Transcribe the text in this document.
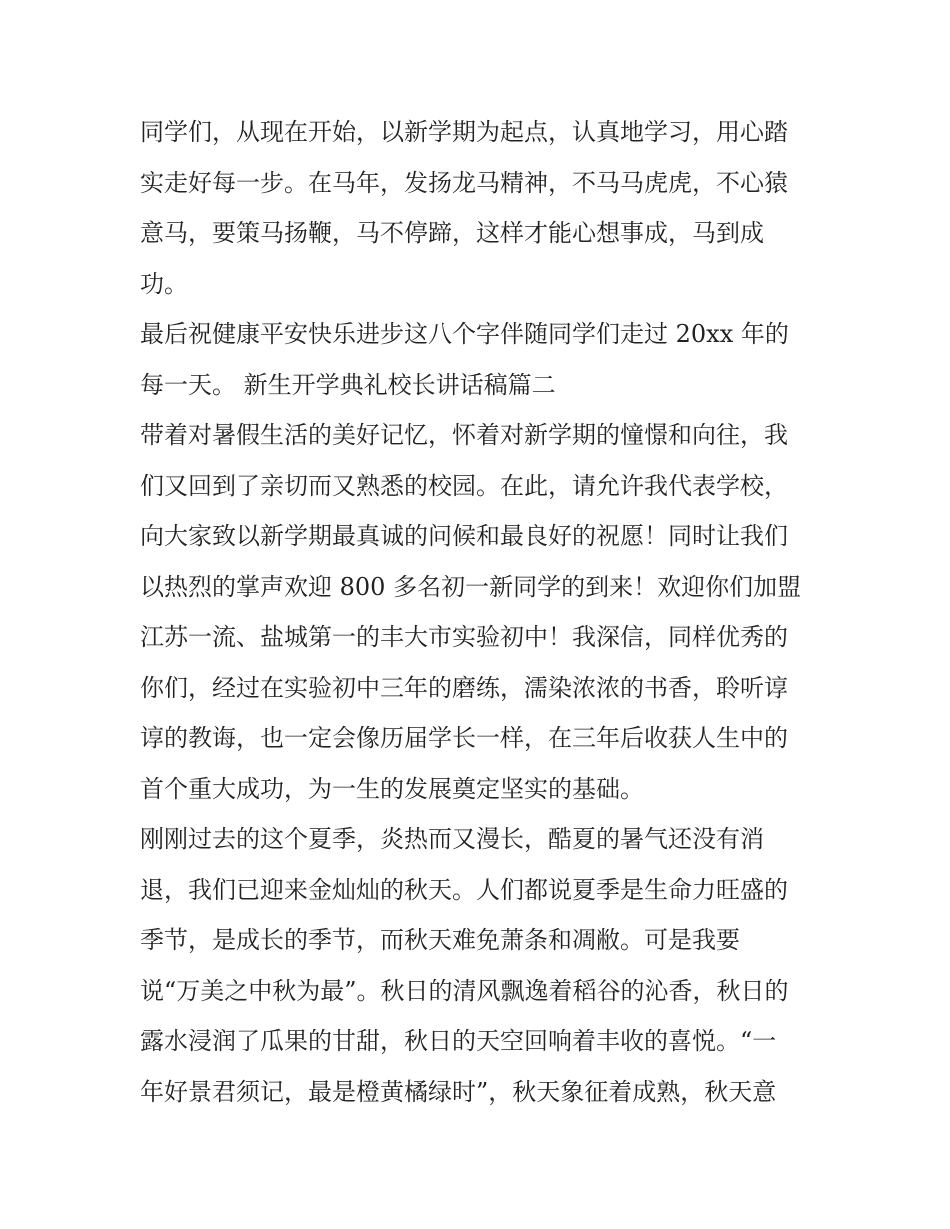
同学们，从现在开始，以新学期为起点，认真地学习，用心踏
实走好每一步。在马年，发扬龙马精神，不马马虎虎，不心猿
意马，要策马扬鞭，马不停蹄，这样才能心想事成，马到成
功。
最后祝健康平安快乐进步这八个字伴随同学们走过 20xx 年的
每一天。 新生开学典礼校长讲话稿篇二
带着对暑假生活的美好记忆，怀着对新学期的憧憬和向往，我
们又回到了亲切而又熟悉的校园。在此，请允许我代表学校，
向大家致以新学期最真诚的问候和最良好的祝愿！同时让我们
以热烈的掌声欢迎 800 多名初一新同学的到来！欢迎你们加盟
江苏一流、盐城第一的丰大市实验初中！我深信，同样优秀的
你们，经过在实验初中三年的磨练，濡染浓浓的书香，聆听谆
谆的教诲，也一定会像历届学长一样，在三年后收获人生中的
首个重大成功，为一生的发展奠定坚实的基础。
刚刚过去的这个夏季，炎热而又漫长，酷夏的暑气还没有消
退，我们已迎来金灿灿的秋天。人们都说夏季是生命力旺盛的
季节，是成长的季节，而秋天难免萧条和凋敝。可是我要
说“万美之中秋为最”。秋日的清风飘逸着稻谷的沁香，秋日的
露水浸润了瓜果的甘甜，秋日的天空回响着丰收的喜悦。“一
年好景君须记，最是橙黄橘绿时”，秋天象征着成熟，秋天意
